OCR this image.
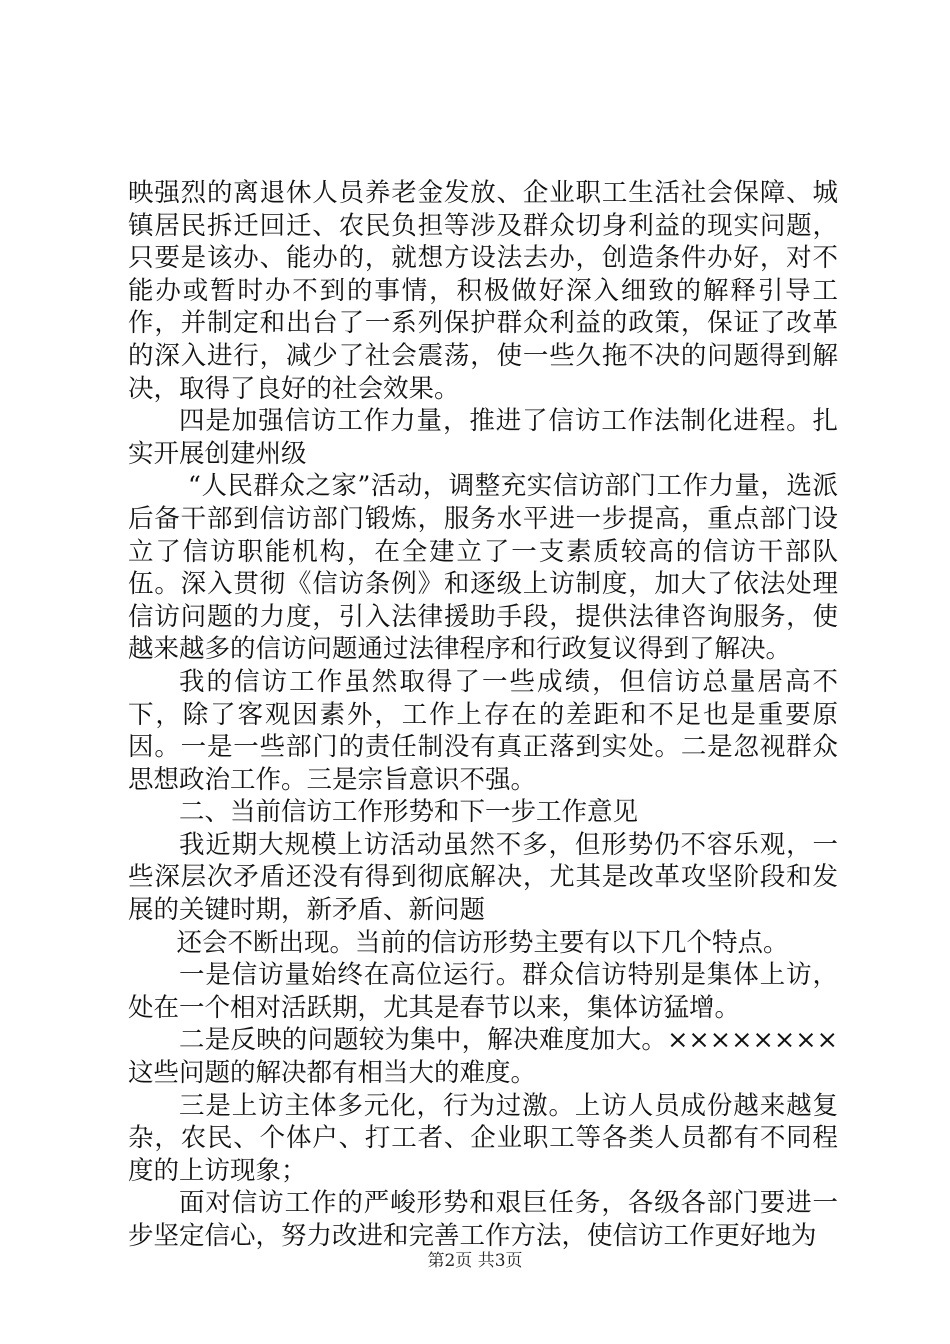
映强烈的离退休人员养老金发放、企业职工生活社会保障、城镇居民拆迁回迁、农民负担等涉及群众切身利益的现实问题，只要是该办、能办的，就想方设法去办，创造条件办好，对不能办或暂时办不到的事情，积极做好深入细致的解释引导工作，并制定和出台了一系列保护群众利益的政策，保证了改革的深入进行，减少了社会震荡，使一些久拖不决的问题得到解决，取得了良好的社会效果。

四是加强信访工作力量，推进了信访工作法制化进程。扎实开展创建州级

“人民群众之家”活动，调整充实信访部门工作力量，选派后备干部到信访部门锻炼，服务水平进一步提高，重点部门设立了信访职能机构，在全建立了一支素质较高的信访干部队伍。深入贯彻《信访条例》和逐级上访制度，加大了依法处理信访问题的力度，引入法律援助手段，提供法律咨询服务，使越来越多的信访问题通过法律程序和行政复议得到了解决。

我的信访工作虽然取得了一些成绩，但信访总量居高不下，除了客观因素外，工作上存在的差距和不足也是重要原因。一是一些部门的责任制没有真正落到实处。二是忽视群众思想政治工作。三是宗旨意识不强。

二、当前信访工作形势和下一步工作意见

我近期大规模上访活动虽然不多，但形势仍不容乐观，一些深层次矛盾还没有得到彻底解决，尤其是改革攻坚阶段和发展的关键时期，新矛盾、新问题

还会不断出现。当前的信访形势主要有以下几个特点。

一是信访量始终在高位运行。群众信访特别是集体上访，处在一个相对活跃期，尤其是春节以来，集体访猛增。

二是反映的问题较为集中，解决难度加大。××××××××这些问题的解决都有相当大的难度。

三是上访主体多元化，行为过激。上访人员成份越来越复杂，农民、个体户、打工者、企业职工等各类人员都有不同程度的上访现象；

面对信访工作的严峻形势和艰巨任务，各级各部门要进一步坚定信心，努力改进和完善工作方法，使信访工作更好地为

第2页 共3页
